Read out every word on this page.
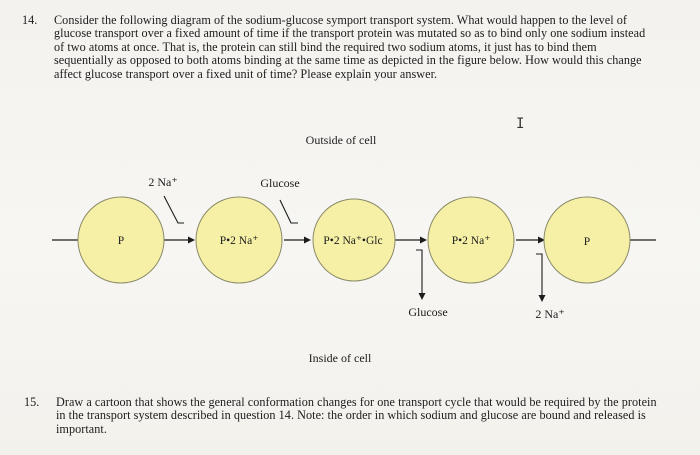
14. Consider the following diagram of the sodium-glucose symport transport system. What would happen to the level of glucose transport over a fixed amount of time if the transport protein was mutated so as to bind only one sodium instead of two atoms at once. That is, the protein can still bind the required two sodium atoms, it just has to bind them sequentially as opposed to both atoms binding at the same time as depicted in the figure below. How would this change affect glucose transport over a fixed unit of time? Please explain your answer.
I
Outside of cell
Inside of cell
2 Na⁺	Glucose
Glucose	2 Na⁺
P	P•2 Na⁺	P•2 Na⁺•Glc	P•2 Na⁺	P
15. Draw a cartoon that shows the general conformation changes for one transport cycle that would be required by the protein in the transport system described in question 14. Note: the order in which sodium and glucose are bound and released is important.
